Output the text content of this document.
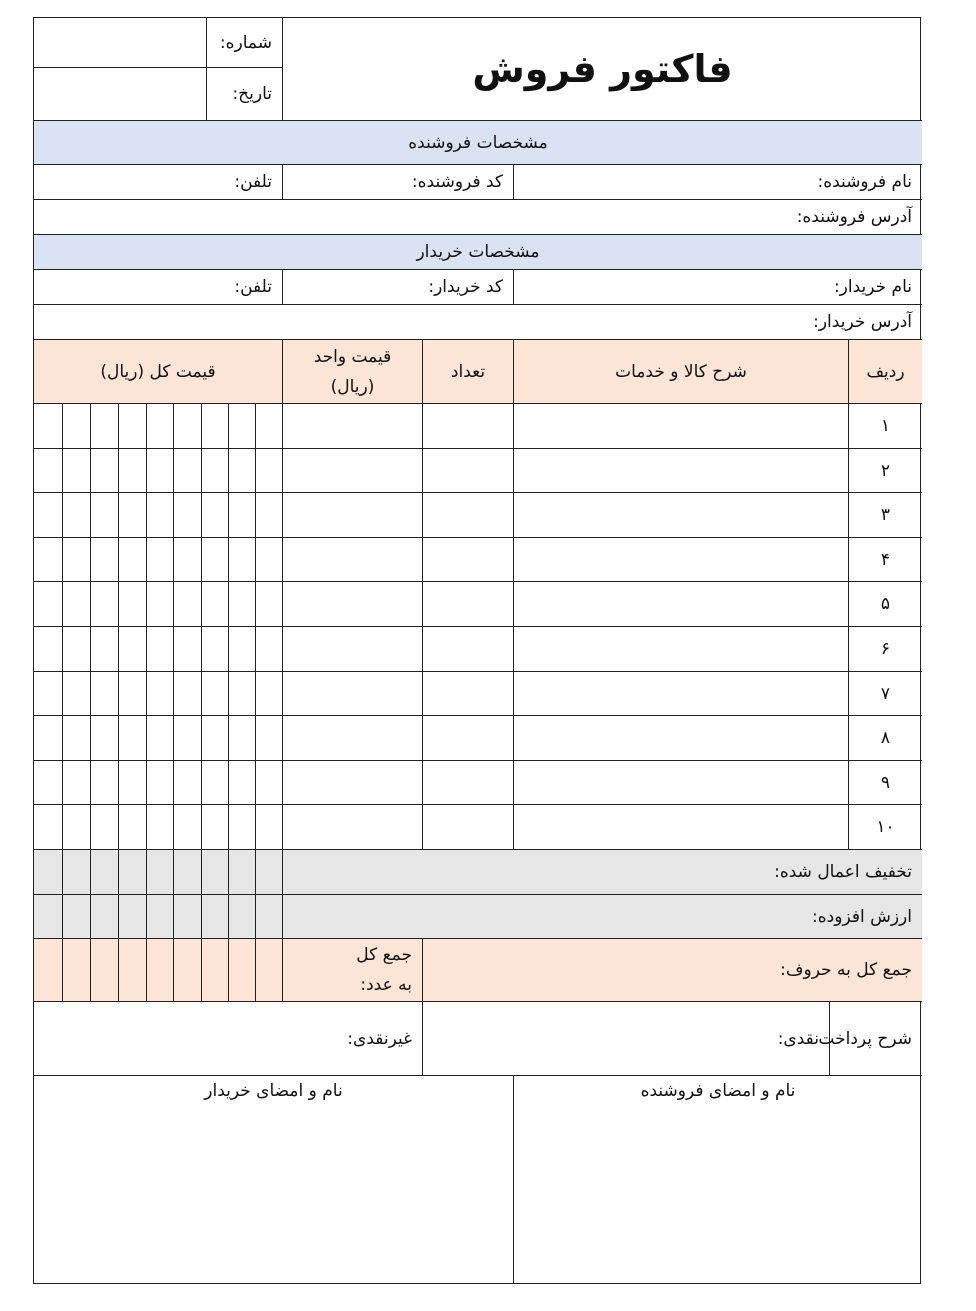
فاکتور فروش
شماره:
تاریخ:
مشخصات فروشنده
نام فروشنده:
کد فروشنده:
تلفن:
آدرس فروشنده:
مشخصات خریدار
نام خریدار:
کد خریدار:
تلفن:
آدرس خریدار:
ردیف
شرح کالا و خدمات
تعداد
قیمت واحد (ریال)
قیمت کل (ریال)
۱
۲
۳
۴
۵
۶
۷
۸
۹
۱۰
تخفیف اعمال شده:
ارزش افزوده:
جمع کل به حروف:
جمع کل به عدد:
شرح پرداخت
نقدی:
غیرنقدی:
نام و امضای فروشنده
نام و امضای خریدار
